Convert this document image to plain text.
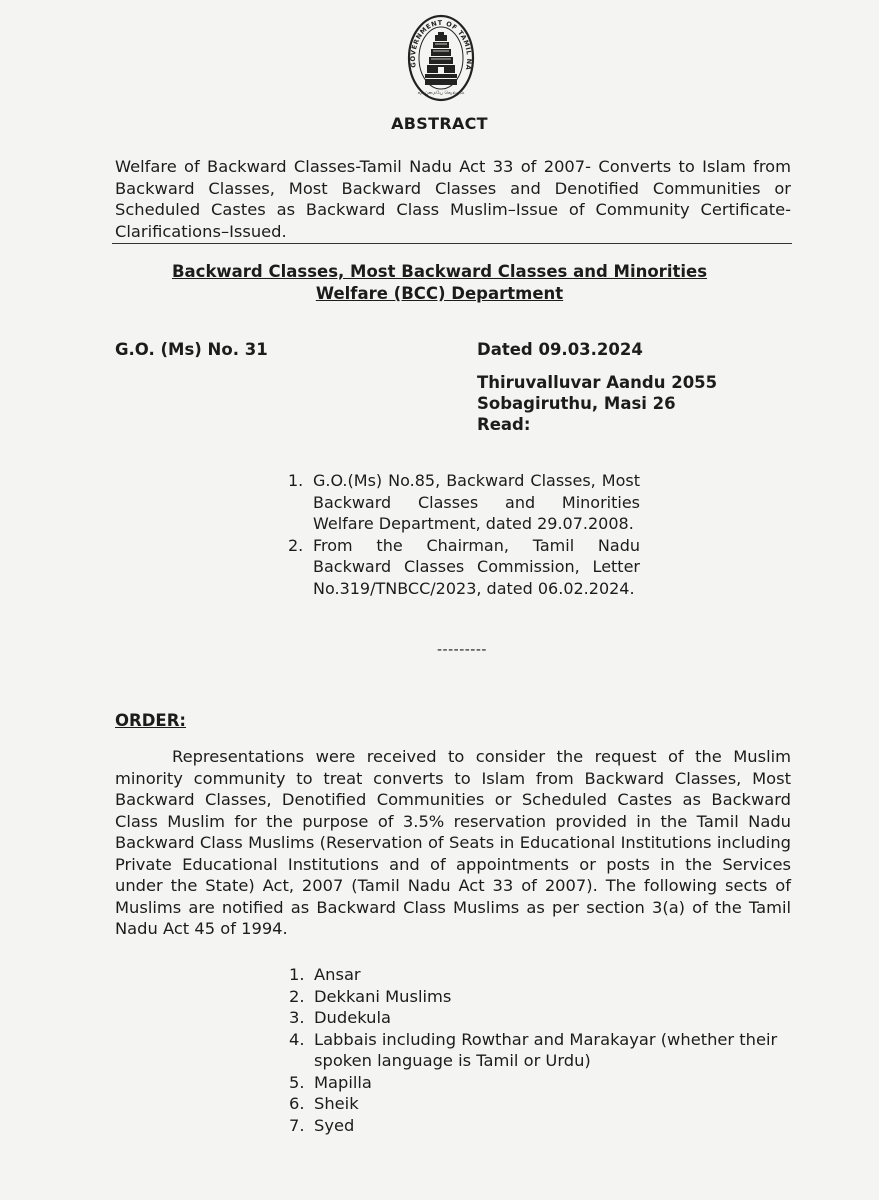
GOVERNMENT OF TAMIL NA
வாய்மையே வெல்லும்
ABSTRACT
Welfare of Backward Classes-Tamil Nadu Act 33 of 2007- Converts to Islam from Backward Classes, Most Backward Classes and Denotified Communities or Scheduled Castes as Backward Class Muslim–Issue of Community Certificate-Clarifications–Issued.
Backward Classes, Most Backward Classes and Minorities
Welfare (BCC) Department
G.O. (Ms) No. 31	Dated 09.03.2024
Thiruvalluvar Aandu 2055
Sobagiruthu, Masi 26
Read:
1. G.O.(Ms) No.85, Backward Classes, Most Backward Classes and Minorities Welfare Department, dated 29.07.2008.
2. From the Chairman, Tamil Nadu Backward Classes Commission, Letter No.319/TNBCC/2023, dated 06.02.2024.
---------
ORDER:
Representations were received to consider the request of the Muslim minority community to treat converts to Islam from Backward Classes, Most Backward Classes, Denotified Communities or Scheduled Castes as Backward Class Muslim for the purpose of 3.5% reservation provided in the Tamil Nadu Backward Class Muslims (Reservation of Seats in Educational Institutions including Private Educational Institutions and of appointments or posts in the Services under the State) Act, 2007 (Tamil Nadu Act 33 of 2007). The following sects of Muslims are notified as Backward Class Muslims as per section 3(a) of the Tamil Nadu Act 45 of 1994.
1. Ansar
2. Dekkani Muslims
3. Dudekula
4. Labbais including Rowthar and Marakayar (whether their spoken language is Tamil or Urdu)
5. Mapilla
6. Sheik
7. Syed
